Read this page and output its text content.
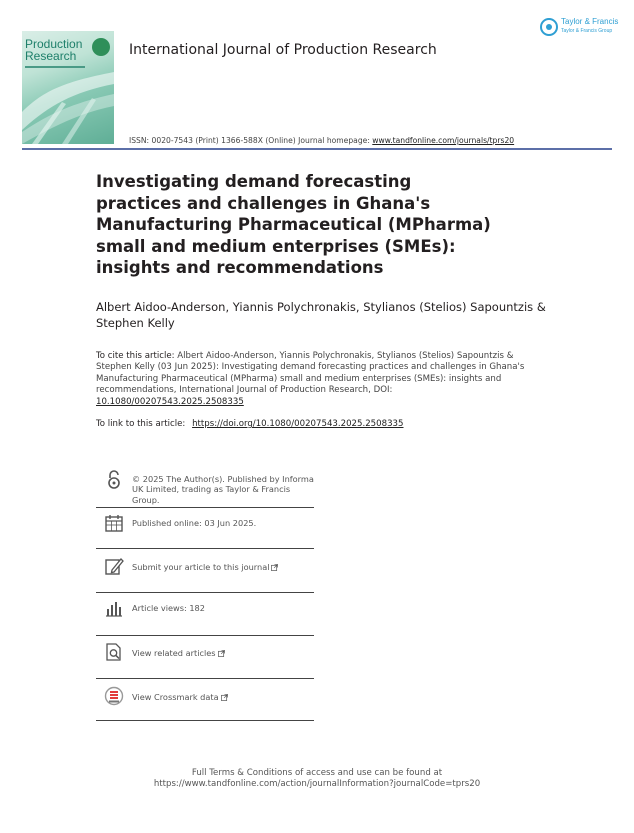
Production
Research
Taylor & Francis
Taylor & Francis Group
International Journal of Production Research
ISSN: 0020-7543 (Print) 1366-588X (Online) Journal homepage: www.tandfonline.com/journals/tprs20
Investigating demand forecasting practices and challenges in Ghana's Manufacturing Pharmaceutical (MPharma) small and medium enterprises (SMEs): insights and recommendations
Albert Aidoo-Anderson, Yiannis Polychronakis, Stylianos (Stelios) Sapountzis & Stephen Kelly
To cite this article: Albert Aidoo-Anderson, Yiannis Polychronakis, Stylianos (Stelios) Sapountzis & Stephen Kelly (03 Jun 2025): Investigating demand forecasting practices and challenges in Ghana's Manufacturing Pharmaceutical (MPharma) small and medium enterprises (SMEs): insights and recommendations, International Journal of Production Research, DOI: 10.1080/00207543.2025.2508335
To link to this article: https://doi.org/10.1080/00207543.2025.2508335
© 2025 The Author(s). Published by Informa UK Limited, trading as Taylor & Francis Group.
Published online: 03 Jun 2025.
Submit your article to this journal
Article views: 182
View related articles
View Crossmark data
Full Terms & Conditions of access and use can be found at
https://www.tandfonline.com/action/journalInformation?journalCode=tprs20
